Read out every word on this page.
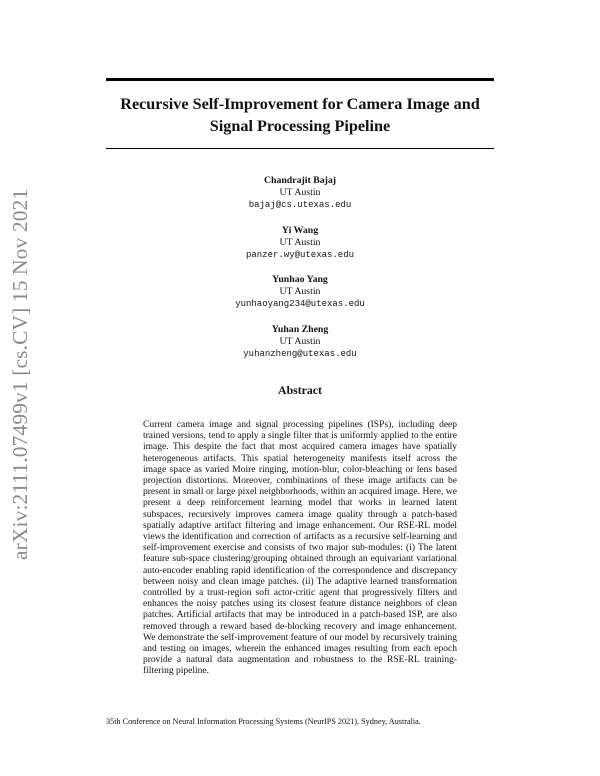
arXiv:2111.07499v1 [cs.CV] 15 Nov 2021
Recursive Self-Improvement for Camera Image and
Signal Processing Pipeline
Chandrajit Bajaj
UT Austin
bajaj@cs.utexas.edu
Yi Wang
UT Austin
panzer.wy@utexas.edu
Yunhao Yang
UT Austin
yunhaoyang234@utexas.edu
Yuhan Zheng
UT Austin
yuhanzheng@utexas.edu
Abstract

Current camera image and signal processing pipelines (ISPs), including deep trained versions, tend to apply a single filter that is uniformly applied to the entire image. This despite the fact that most acquired camera images have spatially heterogeneous artifacts. This spatial heterogeneity manifests itself across the image space as varied Moire ringing, motion-blur, color-bleaching or lens based projection distortions. Moreover, combinations of these image artifacts can be present in small or large pixel neighborhoods, within an acquired image. Here, we present a deep reinforcement learning model that works in learned latent subspaces, recursively improves camera image quality through a patch-based spatially adaptive artifact filtering and image enhancement. Our RSE-RL model views the identification and correction of artifacts as a recursive self-learning and self-improvement exercise and consists of two major sub-modules: (i) The latent feature sub-space clustering/grouping obtained through an equivariant variational auto-encoder enabling rapid identification of the correspondence and discrepancy between noisy and clean image patches. (ii) The adaptive learned transformation controlled by a trust-region soft actor-critic agent that progressively filters and enhances the noisy patches using its closest feature distance neighbors of clean patches. Artificial artifacts that may be introduced in a patch-based ISP, are also removed through a reward based de-blocking recovery and image enhancement. We demonstrate the self-improvement feature of our model by recursively training and testing on images, wherein the enhanced images resulting from each epoch provide a natural data augmentation and robustness to the RSE-RL training-filtering pipeline.

35th Conference on Neural Information Processing Systems (NeurIPS 2021), Sydney, Australia.
